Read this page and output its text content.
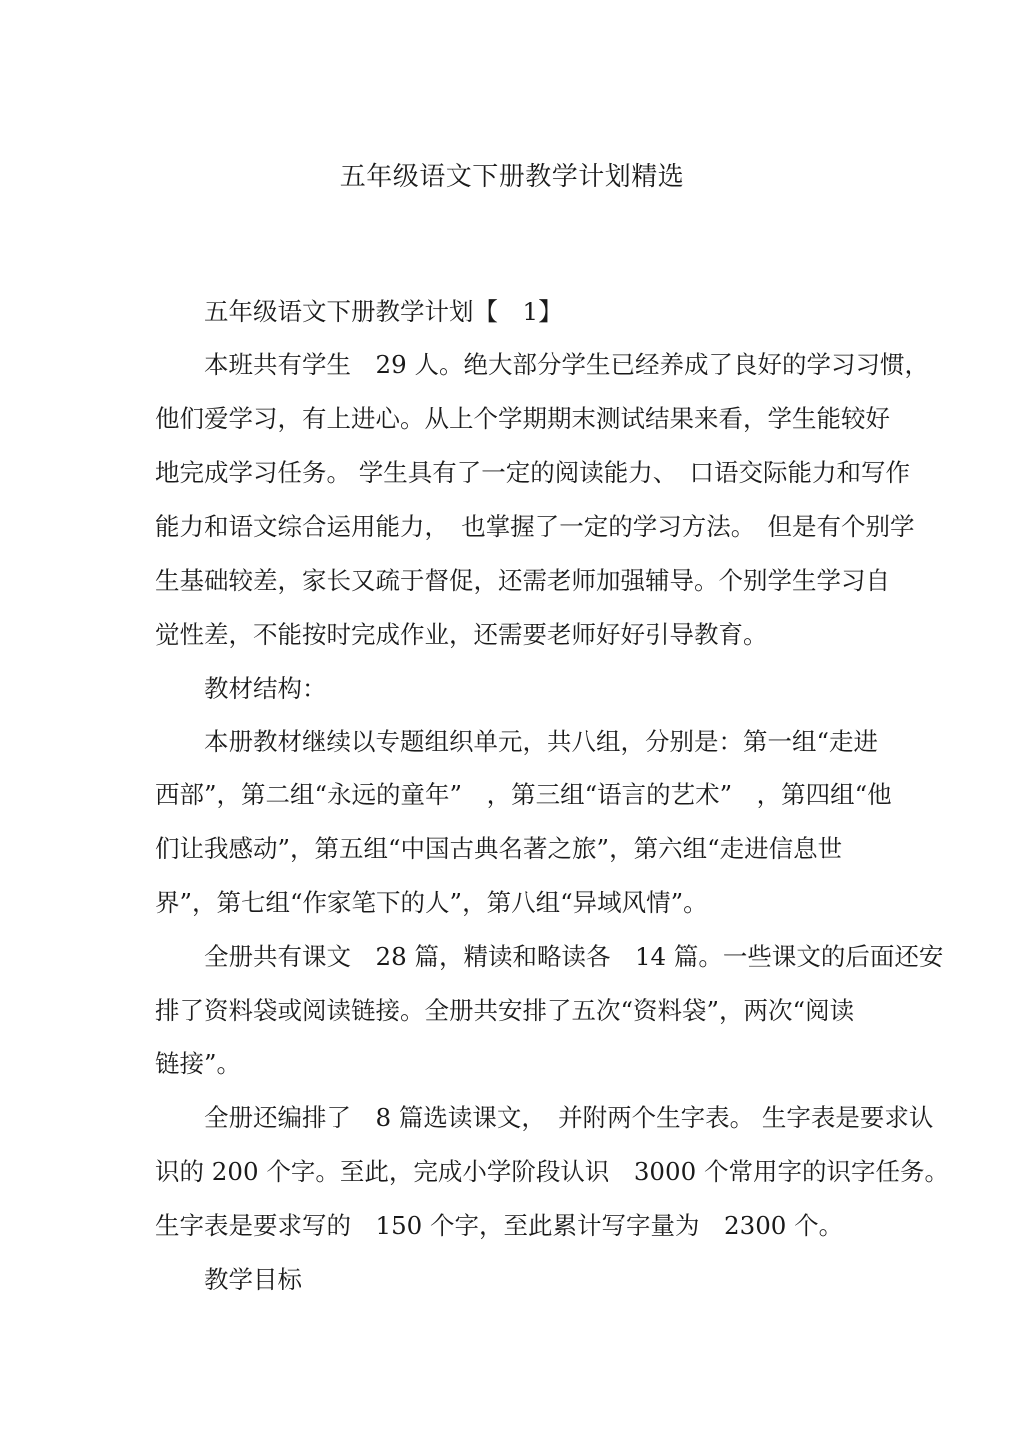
五年级语文下册教学计划精选
五年级语文下册教学计划【　1】
本班共有学生　29 人。绝大部分学生已经养成了良好的学习习惯，
他们爱学习，有上进心。从上个学期期末测试结果来看，学生能较好
地完成学习任务。 学生具有了一定的阅读能力、　口语交际能力和写作
能力和语文综合运用能力，　也掌握了一定的学习方法。　但是有个别学
生基础较差，家长又疏于督促，还需老师加强辅导。个别学生学习自
觉性差，不能按时完成作业，还需要老师好好引导教育。
教材结构：
本册教材继续以专题组织单元，共八组，分别是：第一组“走进
西部”，第二组“永远的童年”　，第三组“语言的艺术”　，第四组“他
们让我感动”，第五组“中国古典名著之旅”，第六组“走进信息世
界”，第七组“作家笔下的人”，第八组“异域风情”。
全册共有课文　28 篇，精读和略读各　14 篇。一些课文的后面还安
排了资料袋或阅读链接。全册共安排了五次“资料袋”，两次“阅读
链接”。
全册还编排了　8 篇选读课文，　并附两个生字表。 生字表是要求认
识的 200 个字。至此，完成小学阶段认识　3000 个常用字的识字任务。
生字表是要求写的　150 个字，至此累计写字量为　2300 个。
教学目标
